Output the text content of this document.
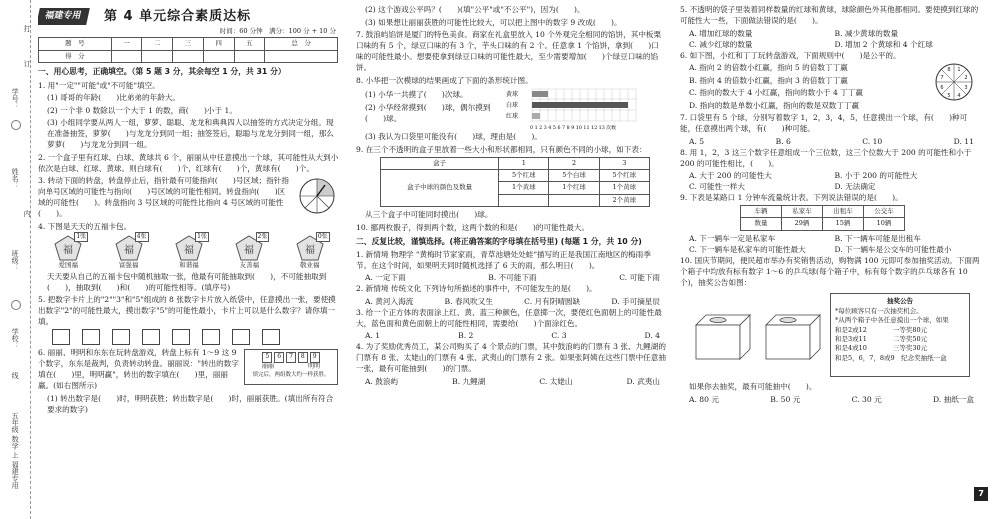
学号：
姓名：
班级：
学校：
线
五年级 数学 上 福建专用
打
订
内
福建专用	第 4 单元综合素质达标
时间：60 分钟　满分：100 分 + 10 分
题　号	一	二	三	四	五	总　分
得　分						
一、用心思考，正确填空。（第 5 题 3 分，其余每空 1 分，共 31 分）

1. 用"一定""可能"或"不可能"填空。

(1) 哥哥的年龄(　　)比弟弟的年龄大。

(2) 一个非 0 数除以一个大于 1 的数，商(　　)小于 1。

(3) 小组同学要从两人一组，萝萝、聪聪、龙龙和典典四人以抽签的方式决定分组。现在准备抽签，萝萝(　　)与龙龙分到同一组；抽签签后，聪聪与龙龙分到同一组，那么萝萝(　　)与龙龙分到同一组。

2. 一个盒子里有红球、白球、黄球共 6 个，丽丽从中任意摸出一个球，其可能性从大到小依次是白球、红球、黄球。则白球有(　　)个，红球有(　　)个，黄球有(　　)个。

3. 转动下面的转盘，转盘停止后，指针最有可能指向(　　)号区域；指针指向单号区域的可能性与指向(　　)号区域的可能性相同。转盘指向(　　)区域的可能性(　　)。转盘指向 3 号区域的可能性比指向 4 号区域的可能性(　　)。

4. 下图是天天的五福卡包。

福
1张
爱国福
福
4张
富强福
福
1张
和谐福
福
2张
友善福
福
0张
敬业福

天天要从自己的五福卡包中随机抽取一张，他最有可能抽取到(　　)，不可能抽取到(　　)，抽取到(　　)和(　　)的可能性相等。(填序号)

5. 把数字卡片上的"2""3"和"5"组成的 8 张数字卡片放入纸袋中，任意摸出一张，要使摸出数字"2"的可能性最大，摸出数字"5"的可能性最小，卡片上可以是什么数字？请你填一填。

6. 丽丽、明明和东东在玩转盘游戏，转盘上标有 1～9 这 9 个数字，东东是裁判，负责转动转盘。丽丽说："转出的数字填在(　　)里，明明赢"，转出的数字填在(　　)里，丽丽赢。(如右图所示)

5	6	7	8	9
丽丽	明明
填完后，两组数大约一样获胜。

(1) 转出数字是(　　)时，明明获胜；转出数字是(　　)时，丽丽获胜。(填出所有符合要求的数字)

(2) 这个游戏公平吗？(　　)(填"公平"或"不公平")，因为(　　)。

(3) 如果想让丽丽获胜的可能性比较大，可以把上图中的数字 9 改成(　　)。

7. 鼓浪屿馅饼是厦门的特色美食。商家在礼盒里放入 10 个外观完全相同的馅饼，其中板栗口味的有 5 个，绿豆口味的有 3 个，芋头口味的有 2 个。任意拿 1 个馅饼，拿到(　　)口味的可能性最小。想要使拿到绿豆口味的可能性最大，至少需要增加(　　)个绿豆口味的馅饼。

8. 小华把一次模球的结果画成了下面的条形统计图。

(1) 小华一共摸了(　　)次球。

(2) 小华经常摸到(　　)球，偶尔摸到(　　)球。

黄球
白球
红球
0 1 2 3 4 5 6 7 8 9 10 11 12 13 次数

(3) 我认为口袋里可能没有(　　)球，理由是(　　)。

9. 在三个不透明的盒子里放着一些大小和形状都相同，只有颜色不同的小球，如下表：

盒子	1	2	3
盒子中球的颜色及数量	5个红球	5个白球	5个红球
	1个黄球	1个红球	1个黄球
			2个黄球

从三个盒子中可能同时摸出(　　)球。

10. 挪两枚骰子，得到两个数，这两个数的和是(　　)的可能性最大。

二、反复比较，谨慎选择。(将正确答案的字母填在括号里) (每题 1 分，共 10 分)

1. 新情境 物理学 "黄梅时节家家雨，青草池塘处处蛙"描写的正是我国江南地区的梅雨季节。在这个时间，如果明天同时随机选择了 6 天的雨，那么明日(　　)。

A. 一定下雨	B. 不可能下雨	C. 可能下雨

2. 新情境 传统文化 下列诗句所描述的事件中，不可能发生的是(　　)。

A. 黄河入海流	B. 春风吹又生	C. 月有阴晴圆缺	D. 手可摘星辰

3. 给一个正方体的表面涂上红、黄、蓝三种颜色，任意掷一次，要使红色面朝上的可能性最大，蓝色面和黄色面朝上的可能性相同，需要给(　　)个面涂红色。

A. 1	B. 2	C. 3	D. 4

4. 为了奖励优秀员工，某公司购买了 4 个景点的门票，其中鼓浪屿的门票有 3 张、九鲤湖的门票有 8 张、太姥山的门票有 4 张、武夷山的门票有 2 张。如果张阿姨在这些门票中任意抽一张，最有可能抽到(　　)的门票。

A. 鼓浪屿	B. 九鲤湖	C. 太姥山	D. 武夷山

5. 不透明的袋子里装着同样数量的红球和黄球，球除颜色外其他都相同。要使摸到红球的可能性大一些，下面做法错误的是(　　)。

A. 增加红球的数量	B. 减少黄球的数量
C. 减少红球的数量	D. 增加 2 个黄球和 4 个红球

6. 如下图，小红和丁丁玩转盘游戏，下面规则中(　　)是公平的。

A. 指向 2 的倍数小红赢，指向 5 的倍数丁丁赢

B. 指向 4 的倍数小红赢，指向 3 的倍数丁丁赢

C. 指向的数大于 4 小红赢，指向的数小于 4 丁丁赢

D. 指向的数是单数小红赢，指向的数是双数丁丁赢

1
2
3
4
5
6
7
8

7. 口袋里有 5 个球，分别写着数字 1，2，3，4，5，任意摸出一个球，有(　　)种可能，任意摸出两个球，有(　　)种可能。

A. 5	B. 6	C. 10	D. 11

8. 用 1，2，3 这三个数字任意组成一个三位数，这三个位数大于 200 的可能性和小于 200 的可能性相比，(　　)。

A. 大于 200 的可能性大	B. 小于 200 的可能性大
C. 可能性一样大	D. 无法确定

9. 下表是某路口 1 分钟车流量统计表。下列说法错误的是(　　)。

车辆	私家车	出租车	公交车
数量	29辆	15辆	10辆
A. 下一辆车一定是私家车	B. 下一辆车可能是出租车
C. 下一辆车是私家车的可能性最大	D. 下一辆车是公交车的可能性最小

10. 国庆节期间，便民超市举办有奖销售活动，购物满 100 元即可参加抽奖活动。下面两个箱子中均放有标有数字 1～6 的乒乓球(每个箱子中，标有每个数字的乒乓球各有 10 个)，抽奖公告如图：

抽奖公告
*每位顾客只有一次抽奖机会。
*从两个箱子中各任意摸出一个球，如果
和是2或12　　　　一等奖80元
和是3或11　　　　二等奖50元
和是4或10　　　　三等奖30元
和是5，6，7，8或9　纪念奖抽纸一盒

如果你去抽奖，最有可能抽中(　　)。

A. 80 元	B. 50 元	C. 30 元	D. 抽纸一盒
7
